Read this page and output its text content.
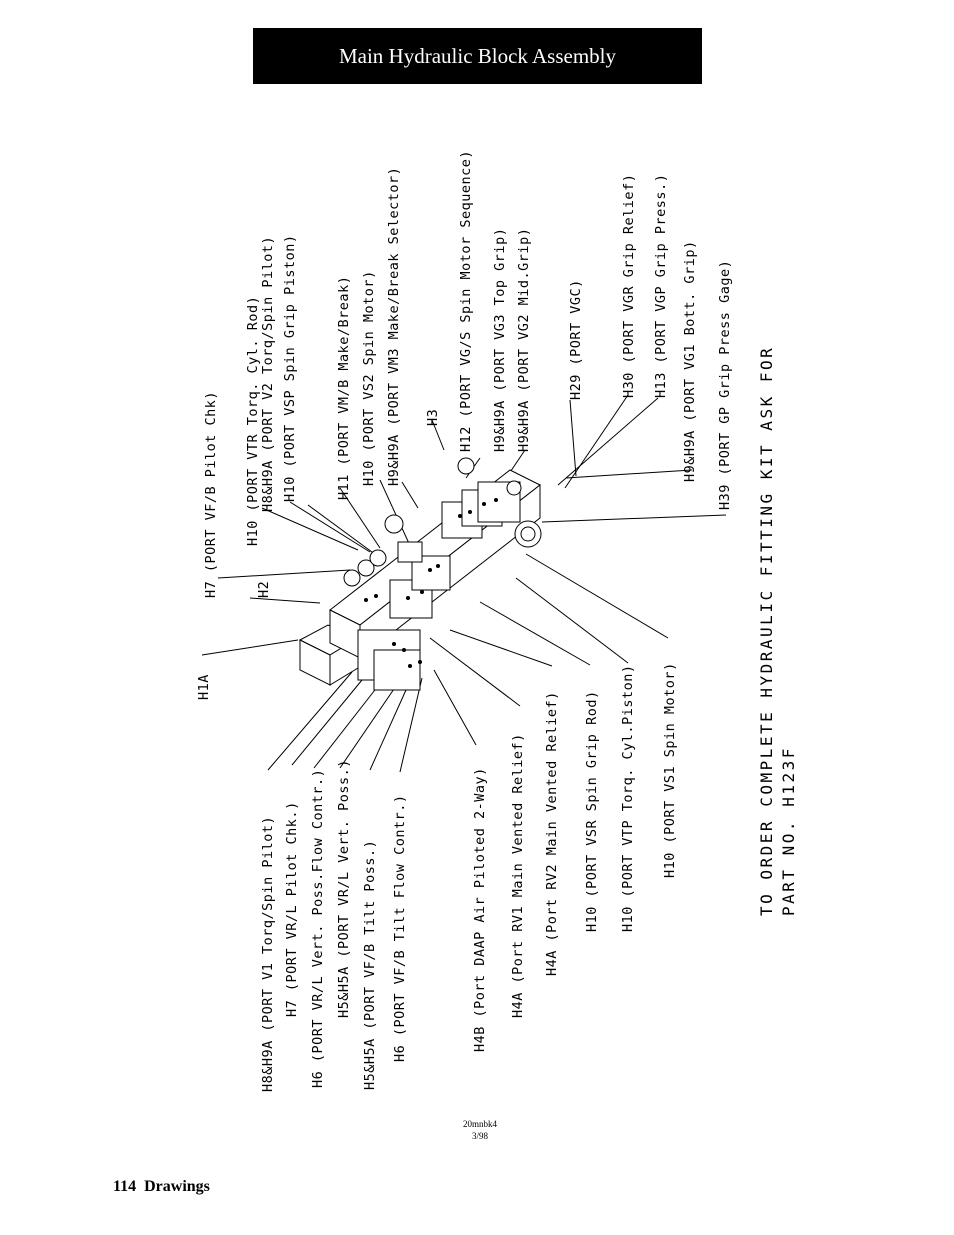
Main Hydraulic Block Assembly
H1A
H2
H7 (PORT VF/B Pilot Chk) H10 (PORT VTR Torq. Cyl. Rod) H8&H9A (PORT V2 Torq/Spin Pilot) H10 (PORT VSP Spin Grip Piston)	H11 (PORT VM/B Make/Break) H10 (PORT VS2 Spin Motor) H9&H9A (PORT VM3 Make/Break Selector) H3 H12 (PORT VG/S Spin Motor Sequence) H9&H9A (PORT VG3 Top Grip) H9&H9A (PORT VG2 Mid.Grip)	H29 (PORT VGC)	H30 (PORT VGR Grip Relief) H13 (PORT VGP Grip Press.) H9&H9A (PORT VG1 Bott. Grip) H39 (PORT GP Grip Press Gage)
H8&H9A (PORT V1 Torq/Spin Pilot) H7 (PORT VR/L Pilot Chk.) H6 (PORT VR/L Vert. Poss.Flow Contr.) H5&H5A (PORT VR/L Vert. Poss.) H5&H5A (PORT VF/B Tilt Poss.) H6 (PORT VF/B Tilt Flow Contr.)	H4B (Port DAAP Air Piloted 2-Way) H4A (Port RV1 Main Vented Relief) H4A (Port RV2 Main Vented Relief) H10 (PORT VSR Spin Grip Rod) H10 (PORT VTP Torq. Cyl.Piston) H10 (PORT VS1 Spin Motor)	TO ORDER COMPLETE HYDRAULIC FITTING KIT ASK FOR PART NO. H123F
20mnbk4
3/98
114 Drawings
